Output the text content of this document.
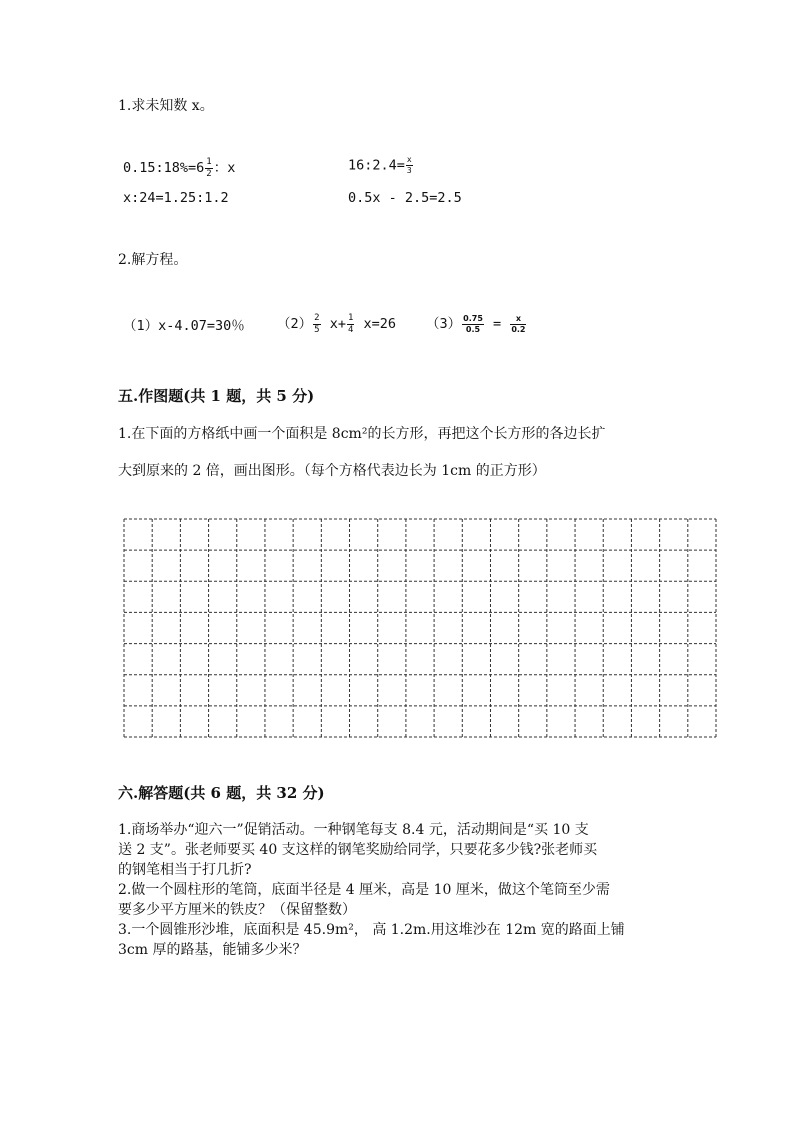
1.求未知数 x。
0.15:18%=6 $\frac{1}{2}$ ：x	16:2.4= $\frac{x}{3}$
x:24=1.25:1.2	0.5x - 2.5=2.5
2.解方程。
（1）x-4.07=30％ $(2) \frac{2}{5} x+ \frac{1}{4} x=26$ $(3) \frac{0.75}{0.5} = \frac{x}{0.2}$
五.作图题(共 1 题，共 5 分)
1.在下面的方格纸中画一个面积是 8cm²的长方形，再把这个长方形的各边长扩
大到原来的 2 倍，画出图形。（每个方格代表边长为 1cm 的正方形）
六.解答题(共 6 题，共 32 分)
1.商场举办“迎六一”促销活动。一种钢笔每支 8.4 元，活动期间是“买 10 支
送 2 支”。张老师要买 40 支这样的钢笔奖励给同学，只要花多少钱?张老师买
的钢笔相当于打几折?
2.做一个圆柱形的笔筒，底面半径是 4 厘米，高是 10 厘米，做这个笔筒至少需
要多少平方厘米的铁皮？（保留整数）
3.一个圆锥形沙堆，底面积是 45.9m²， 高 1.2m.用这堆沙在 12m 宽的路面上铺
3cm 厚的路基，能铺多少米？
